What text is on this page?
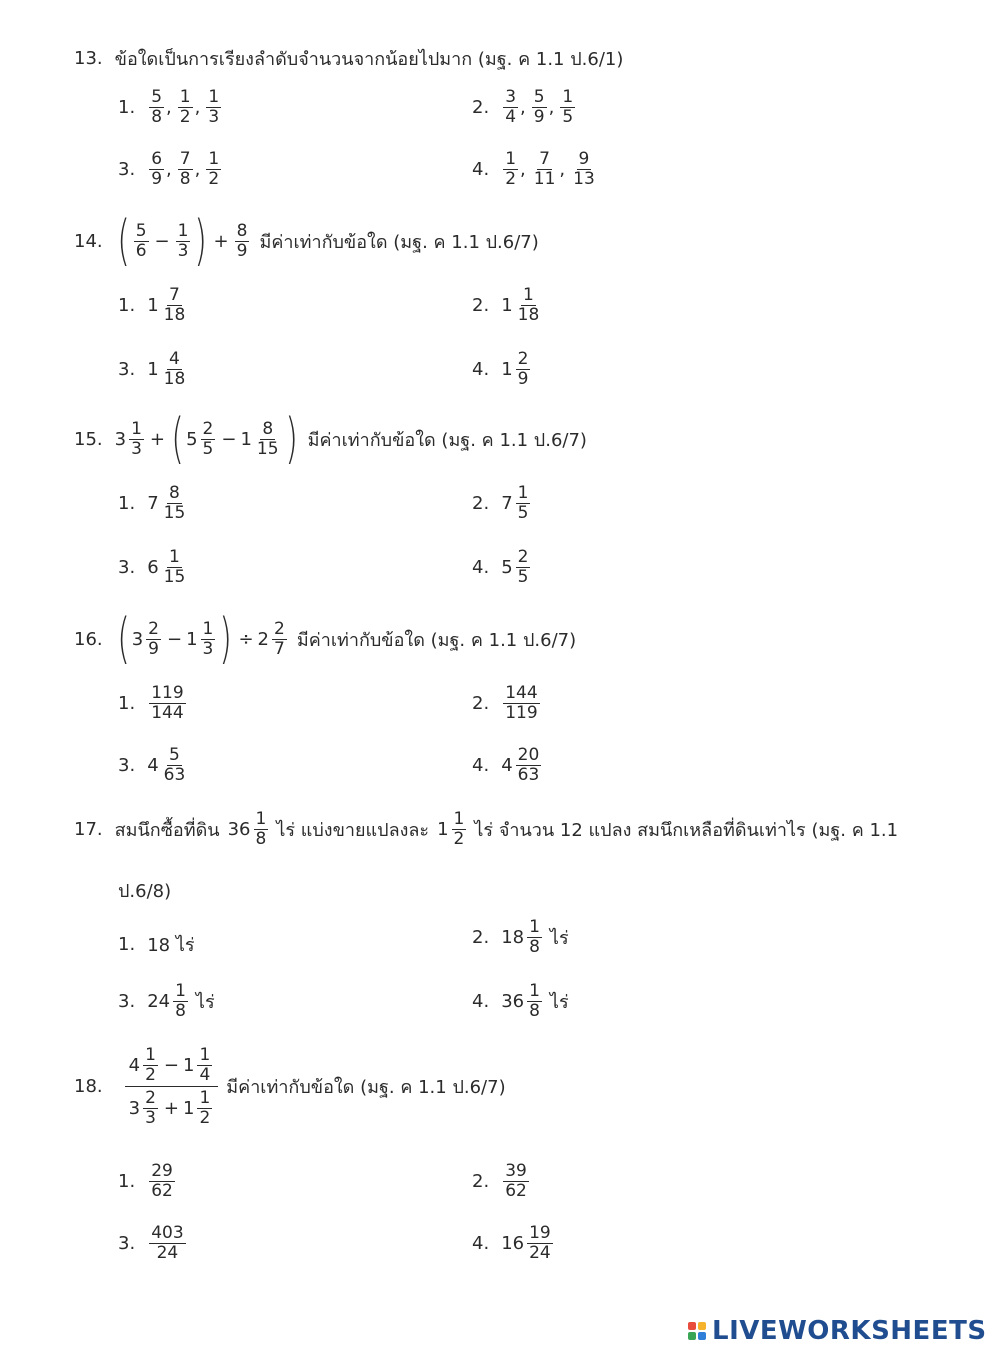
13. ข้อใดเป็นการเรียงลำดับจำนวนจากน้อยไปมาก (มฐ. ค 1.1 ป.6/1)
1. $\frac{5}{8}$ , $\frac{1}{2}$ , $\frac{1}{3}$	2. $\frac{3}{4}$ , $\frac{5}{9}$ , $\frac{1}{5}$
3. $\frac{6}{9}$ , $\frac{7}{8}$ , $\frac{1}{2}$	4. $\frac{1}{2}$ , $\frac{7}{11}$ , $\frac{9}{13}$
14. ( $\frac{5}{6} - \frac{1}{3}$ ) + $\frac{8}{9}$ มีค่าเท่ากับข้อใด (มฐ. ค 1.1 ป.6/7)
1. $1 \frac{7}{18}$	2. $1 \frac{1}{18}$
3. $1 \frac{4}{18}$	4. $1 \frac{2}{9}$
15. $3 \frac{1}{3}$ + ( $5 \frac{2}{5} - 1 \frac{8}{15}$ ) มีค่าเท่ากับข้อใด (มฐ. ค 1.1 ป.6/7)
1. $7 \frac{8}{15}$	2. $7 \frac{1}{5}$
3. $6 \frac{1}{15}$	4. $5 \frac{2}{5}$
16. ( $3 \frac{2}{9} - 1 \frac{1}{3}$ ) ÷ $2 \frac{2}{7}$ มีค่าเท่ากับข้อใด (มฐ. ค 1.1 ป.6/7)
1. $\frac{119}{144}$	2. $\frac{144}{119}$
3. $4 \frac{5}{63}$	4. $4 \frac{20}{63}$
17. สมนึกซื้อที่ดิน $36 \frac{1}{8}$ ไร่ แบ่งขายแปลงละ $1 \frac{1}{2}$ ไร่ จำนวน 12 แปลง สมนึกเหลือที่ดินเท่าไร (มฐ. ค 1.1
ป.6/8)
1. 18 ไร่	2. $18 \frac{1}{8}$ ไร่
3. $24 \frac{1}{8}$ ไร่	4. $36 \frac{1}{8}$ ไร่
18.
$4 \frac{1}{2} - 1 \frac{1}{4}$
$3 \frac{2}{3} + 1 \frac{1}{2}$
มีค่าเท่ากับข้อใด (มฐ. ค 1.1 ป.6/7)
1. $\frac{29}{62}$	2. $\frac{39}{62}$
3. $\frac{403}{24}$	4. $16 \frac{19}{24}$
LIVEWORKSHEETS
